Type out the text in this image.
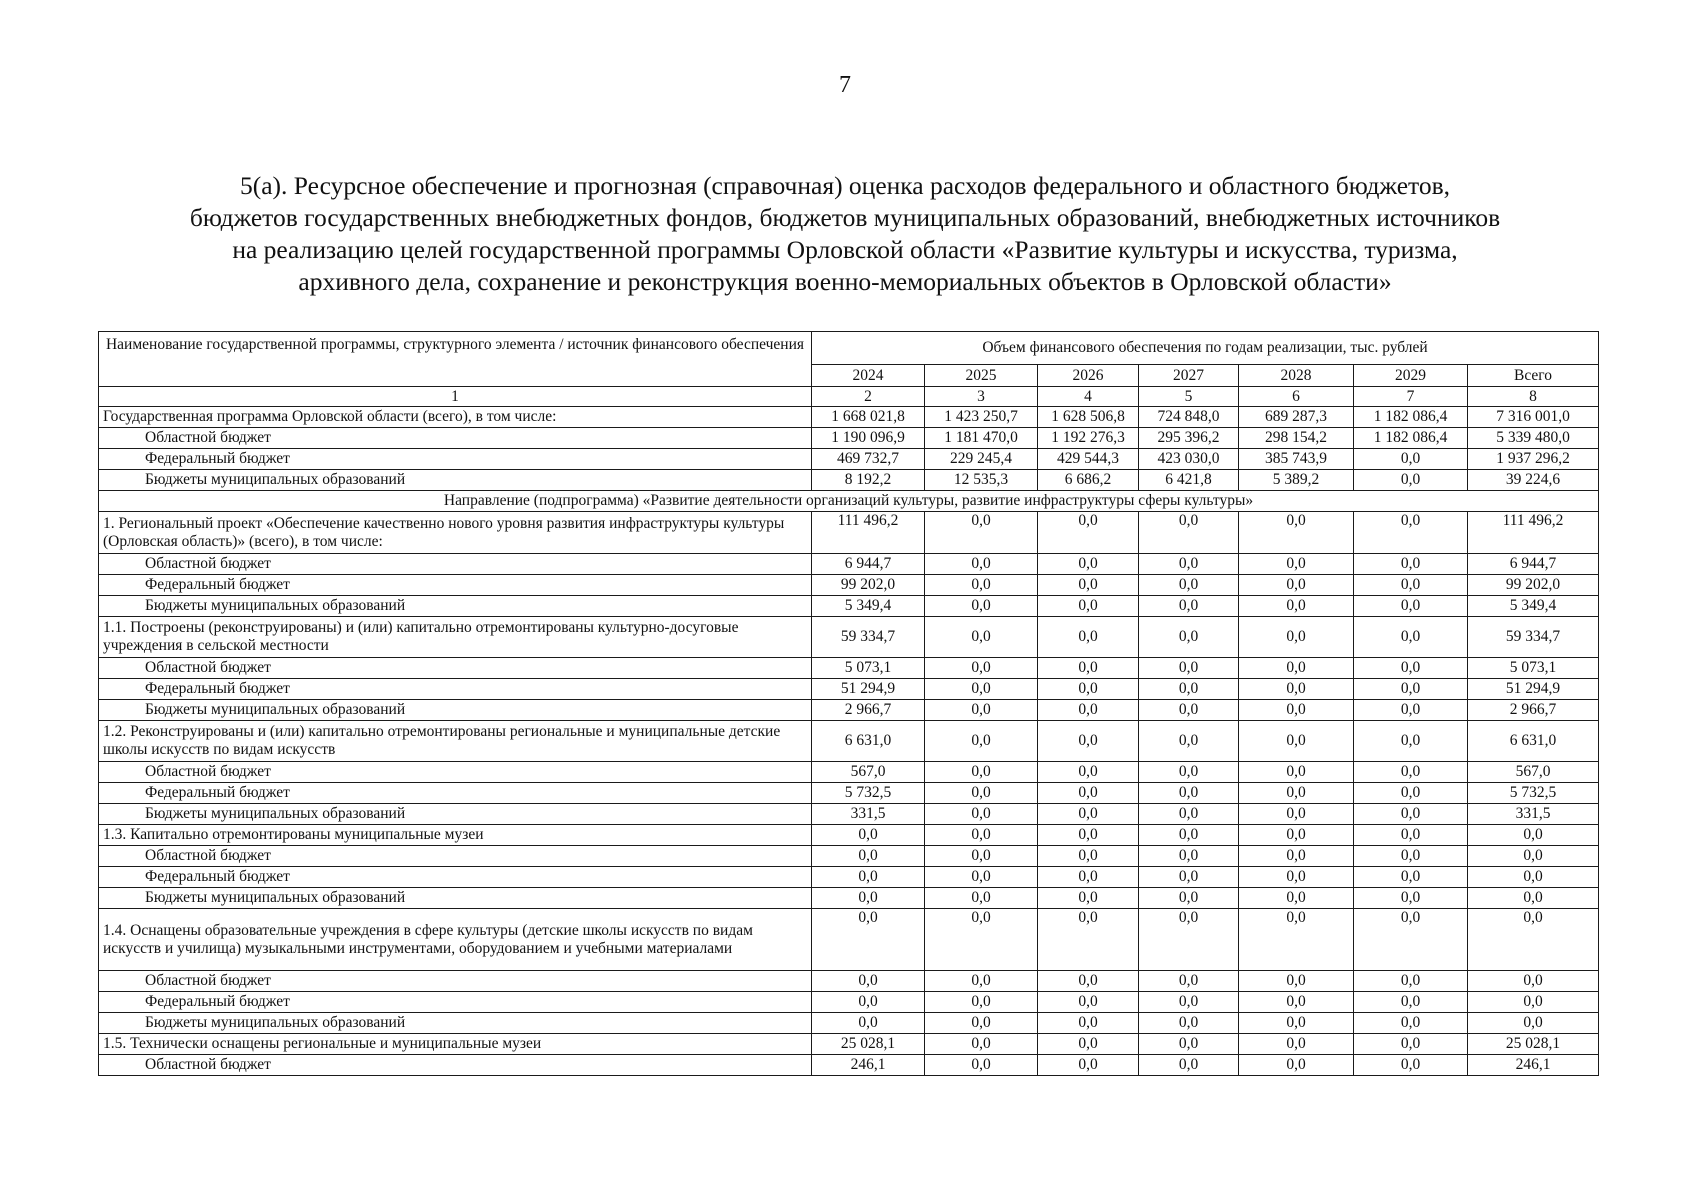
7
5(а). Ресурсное обеспечение и прогнозная (справочная) оценка расходов федерального и областного бюджетов,
бюджетов государственных внебюджетных фондов, бюджетов муниципальных образований, внебюджетных источников
на реализацию целей государственной программы Орловской области «Развитие культуры и искусства, туризма,
архивного дела, сохранение и реконструкция военно-мемориальных объектов в Орловской области»
Наименование государственной программы, структурного элемента / источник финансового обеспечения	Объем финансового обеспечения по годам реализации, тыс. рублей						
	2024	2025	2026	2027	2028	2029	Всего
1	2	3	4	5	6	7	8
Государственная программа Орловской области (всего), в том числе:	1 668 021,8	1 423 250,7	1 628 506,8	724 848,0	689 287,3	1 182 086,4	7 316 001,0
Областной бюджет	1 190 096,9	1 181 470,0	1 192 276,3	295 396,2	298 154,2	1 182 086,4	5 339 480,0
Федеральный бюджет	469 732,7	229 245,4	429 544,3	423 030,0	385 743,9	0,0	1 937 296,2
Бюджеты муниципальных образований	8 192,2	12 535,3	6 686,2	6 421,8	5 389,2	0,0	39 224,6
Направление (подпрограмма) «Развитие деятельности организаций культуры, развитие инфраструктуры сферы культуры»							
1. Региональный проект «Обеспечение качественно нового уровня развития инфраструктуры культуры (Орловская область)» (всего), в том числе:	111 496,2	0,0	0,0	0,0	0,0	0,0	111 496,2
Областной бюджет	6 944,7	0,0	0,0	0,0	0,0	0,0	6 944,7
Федеральный бюджет	99 202,0	0,0	0,0	0,0	0,0	0,0	99 202,0
Бюджеты муниципальных образований	5 349,4	0,0	0,0	0,0	0,0	0,0	5 349,4
1.1. Построены (реконструированы) и (или) капитально отремонтированы культурно-досуговые учреждения в сельской местности	59 334,7	0,0	0,0	0,0	0,0	0,0	59 334,7
Областной бюджет	5 073,1	0,0	0,0	0,0	0,0	0,0	5 073,1
Федеральный бюджет	51 294,9	0,0	0,0	0,0	0,0	0,0	51 294,9
Бюджеты муниципальных образований	2 966,7	0,0	0,0	0,0	0,0	0,0	2 966,7
1.2. Реконструированы и (или) капитально отремонтированы региональные и муниципальные детские школы искусств по видам искусств	6 631,0	0,0	0,0	0,0	0,0	0,0	6 631,0
Областной бюджет	567,0	0,0	0,0	0,0	0,0	0,0	567,0
Федеральный бюджет	5 732,5	0,0	0,0	0,0	0,0	0,0	5 732,5
Бюджеты муниципальных образований	331,5	0,0	0,0	0,0	0,0	0,0	331,5
1.3. Капитально отремонтированы муниципальные музеи	0,0	0,0	0,0	0,0	0,0	0,0	0,0
Областной бюджет	0,0	0,0	0,0	0,0	0,0	0,0	0,0
Федеральный бюджет	0,0	0,0	0,0	0,0	0,0	0,0	0,0
Бюджеты муниципальных образований	0,0	0,0	0,0	0,0	0,0	0,0	0,0
1.4. Оснащены образовательные учреждения в сфере культуры (детские школы искусств по видам искусств и училища) музыкальными инструментами, оборудованием и учебными материалами	0,0	0,0	0,0	0,0	0,0	0,0	0,0
Областной бюджет	0,0	0,0	0,0	0,0	0,0	0,0	0,0
Федеральный бюджет	0,0	0,0	0,0	0,0	0,0	0,0	0,0
Бюджеты муниципальных образований	0,0	0,0	0,0	0,0	0,0	0,0	0,0
1.5. Технически оснащены региональные и муниципальные музеи	25 028,1	0,0	0,0	0,0	0,0	0,0	25 028,1
Областной бюджет	246,1	0,0	0,0	0,0	0,0	0,0	246,1
